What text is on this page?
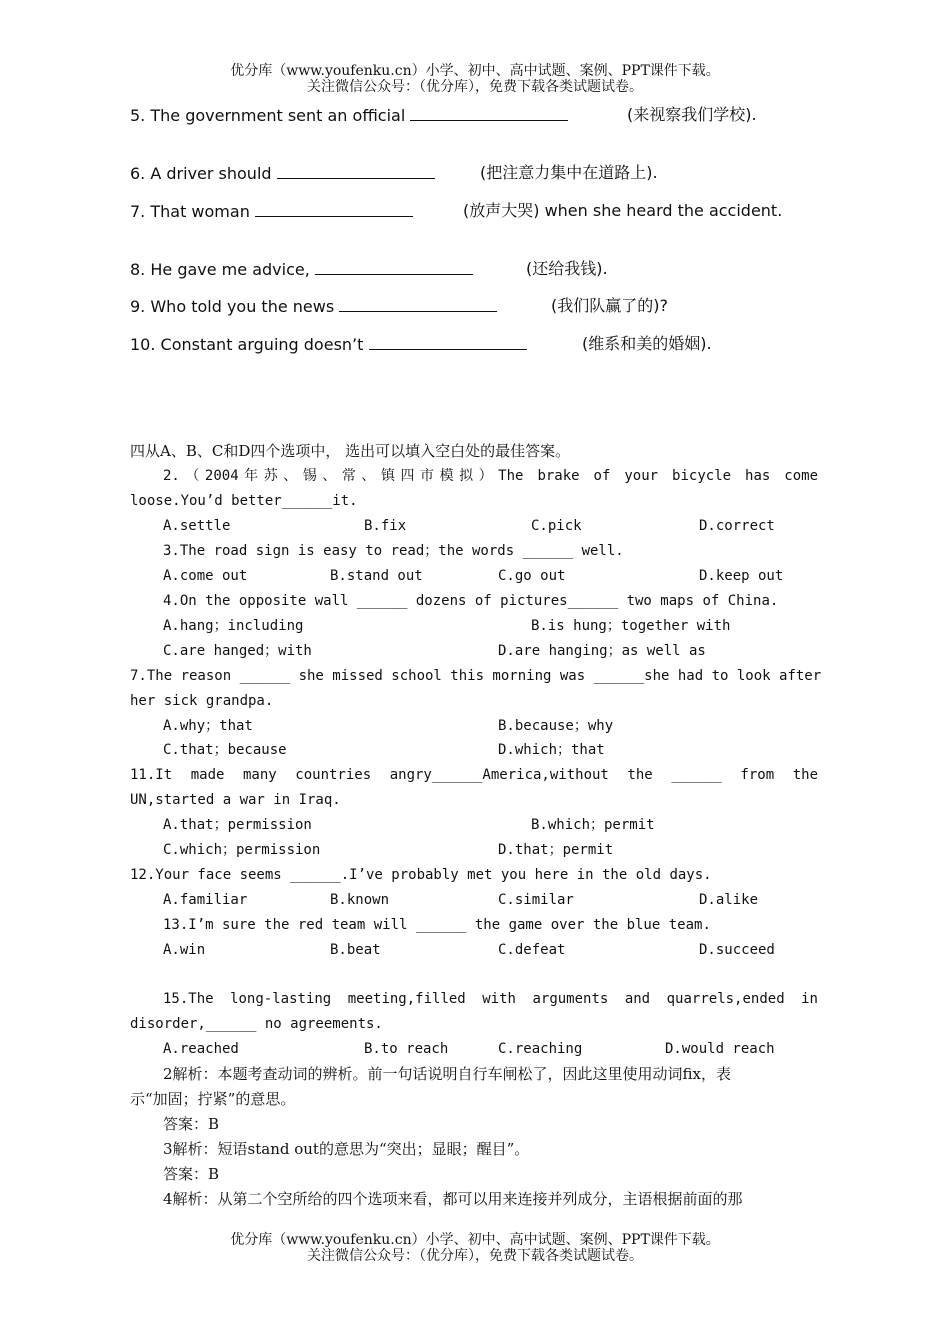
优分库（www.youfenku.cn）小学、初中、高中试题、案例、PPT课件下载。
关注微信公众号：（优分库），免费下载各类试题试卷。
5. The government sent an official	(来视察我们学校).
6. A driver should	(把注意力集中在道路上).
7. That woman	(放声大哭) when she heard the accident.
8. He gave me advice,	(还给我钱).
9. Who told you the news	(我们队赢了的)?
10. Constant arguing doesn’t	(维系和美的婚姻).
四从A、B、C和D四个选项中， 选出可以填入空白处的最佳答案。
2.（2004年苏、锡、常、镇四市模拟）The brake of your bicycle has come
loose.You’d better______it.
A.settle	B.fix	C.pick	D.correct
3.The road sign is easy to read；the words ______ well.
A.come out	B.stand out	C.go out	D.keep out
4.On the opposite wall ______ dozens of pictures______ two maps of China.
A.hang；including	B.is hung；together with
C.are hanged；with	D.are hanging；as well as
7.The reason ______ she missed school this morning was ______she had to look after
her sick grandpa.
A.why；that	B.because；why
C.that；because	D.which；that
11.It made many countries angry______America,without the ______ from the
UN,started a war in Iraq.
A.that；permission	B.which；permit
C.which；permission	D.that；permit
12.Your face seems ______.I’ve probably met you here in the old days.
A.familiar	B.known	C.similar	D.alike
13.I’m sure the red team will ______ the game over the blue team.
A.win	B.beat	C.defeat	D.succeed
15.The long-lasting meeting,filled with arguments and quarrels,ended in
disorder,______ no agreements.
A.reached	B.to reach	C.reaching	D.would reach
2解析：本题考查动词的辨析。前一句话说明自行车闸松了，因此这里使用动词fix，表
示“加固；拧紧”的意思。
答案：B
3解析：短语stand out的意思为“突出；显眼；醒目”。
答案：B
4解析：从第二个空所给的四个选项来看，都可以用来连接并列成分，主语根据前面的那
优分库（www.youfenku.cn）小学、初中、高中试题、案例、PPT课件下载。
关注微信公众号：（优分库），免费下载各类试题试卷。
